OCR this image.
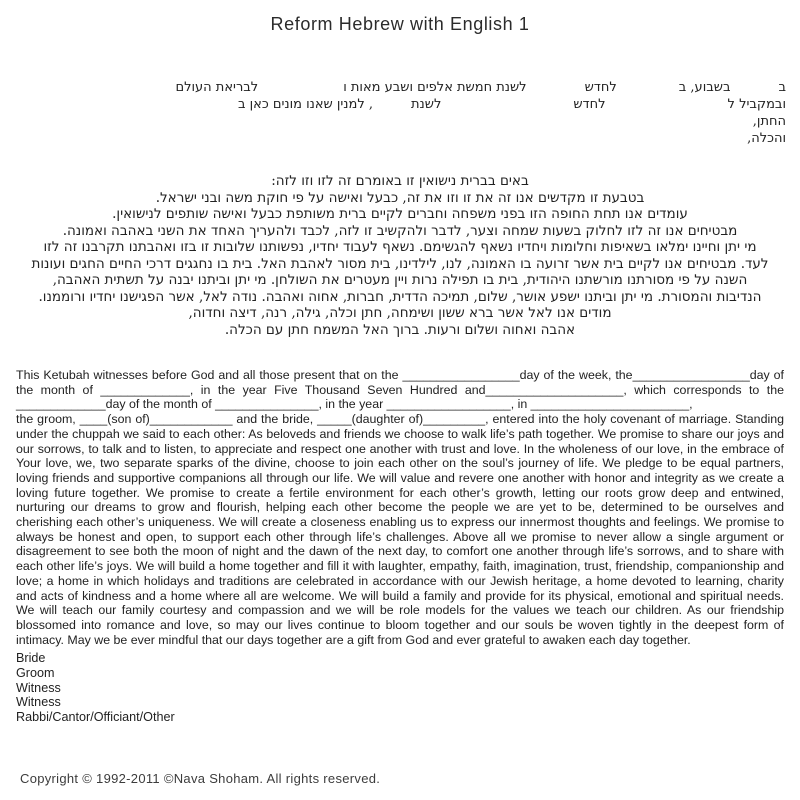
Reform Hebrew with English 1
בבשבוע, בלחדשלשנת חמשת אלפים ושבע מאות ולבריאת העולם
ובמקביל ללחדשלשנת, למנין שאנו מונים כאן ב
החתן,
והכלה,
באים בברית נישואין זו באומרם זה לזו וזו לזה:
בטבעת זו מקדשים אנו זה את זו וזו את זה, כבעל ואישה על פי חוקת משה ובני ישראל.
עומדים אנו תחת החופה הזו בפני משפחה וחברים לקיים ברית משותפת כבעל ואישה שותפים לנישואין.
מבטיחים אנו זה לזו לחלוק בשעות שמחה וצער, לדבר ולהקשיב זו לזה, לכבד ולהעריך האחד את השני באהבה ואמונה.
מי יתן וחיינו ימלאו בשאיפות וחלומות ויחדיו נשאף להגשימם. נשאף לעבוד יחדיו, נפשותנו שלובות זו בזו ואהבתנו תקרבנו זה לזו
לעד. מבטיחים אנו לקיים בית אשר זרועה בו האמונה, לנו, לילדינו, בית מסור לאהבת האל. בית בו נחגגים דרכי החיים החגים ועונות
השנה על פי מסורתנו מורשתנו היהודית, בית בו תפילה נרות ויין מעטרים את השולחן. מי יתן וביתנו יבנה על תשתית האהבה,
הנדיבות והמסורת. מי יתן וביתנו ישפע אושר, שלום, תמיכה הדדית, חברות, אחוה ואהבה. נודה לאל, אשר הפגישנו יחדיו ורוממנו.
מודים אנו לאל אשר ברא ששון ושימחה, חתן וכלה, גילה, רנה, דיצה וחדוה,
אהבה ואחוה ושלום ורעות. ברוך האל המשמח חתן עם הכלה.

This Ketubah witnesses before God and all those present that on the _________________day of the week, the_________________day of the month of _____________, in the year Five Thousand Seven Hundred and____________________, which corresponds to the _____________day of the month of _______________, in the year __________________, in _______________________,

the groom, ____(son of)____________ and the bride, _____(daughter of)_________, entered into the holy covenant of marriage. Standing under the chuppah we said to each other: As beloveds and friends we choose to walk life’s path together. We promise to share our joys and our sorrows, to talk and to listen, to appreciate and respect one another with trust and love. In the wholeness of our love, in the embrace of Your love, we, two separate sparks of the divine, choose to join each other on the soul’s journey of life. We pledge to be equal partners, loving friends and supportive companions all through our life. We will value and revere one another with honor and integrity as we create a loving future together. We promise to create a fertile environment for each other’s growth, letting our roots grow deep and entwined, nurturing our dreams to grow and flourish, helping each other become the people we are yet to be, determined to be ourselves and cherishing each other’s uniqueness. We will create a closeness enabling us to express our innermost thoughts and feelings. We promise to always be honest and open, to support each other through life’s challenges. Above all we promise to never allow a single argument or disagreement to see both the moon of night and the dawn of the next day, to comfort one another through life’s sorrows, and to share with each other life’s joys. We will build a home together and fill it with laughter, empathy, faith, imagination, trust, friendship, companionship and love; a home in which holidays and traditions are celebrated in accordance with our Jewish heritage, a home devoted to learning, charity and acts of kindness and a home where all are welcome. We will build a family and provide for its physical, emotional and spiritual needs. We will teach our family courtesy and compassion and we will be role models for the values we teach our children. As our friendship blossomed into romance and love, so may our lives continue to bloom together and our souls be woven tightly in the deepest form of intimacy. May we be ever mindful that our days together are a gift from God and ever grateful to awaken each day together.

Bride
Groom
Witness
Witness
Rabbi/Cantor/Officiant/Other
Copyright © 1992-2011 ©Nava Shoham. All rights reserved.
